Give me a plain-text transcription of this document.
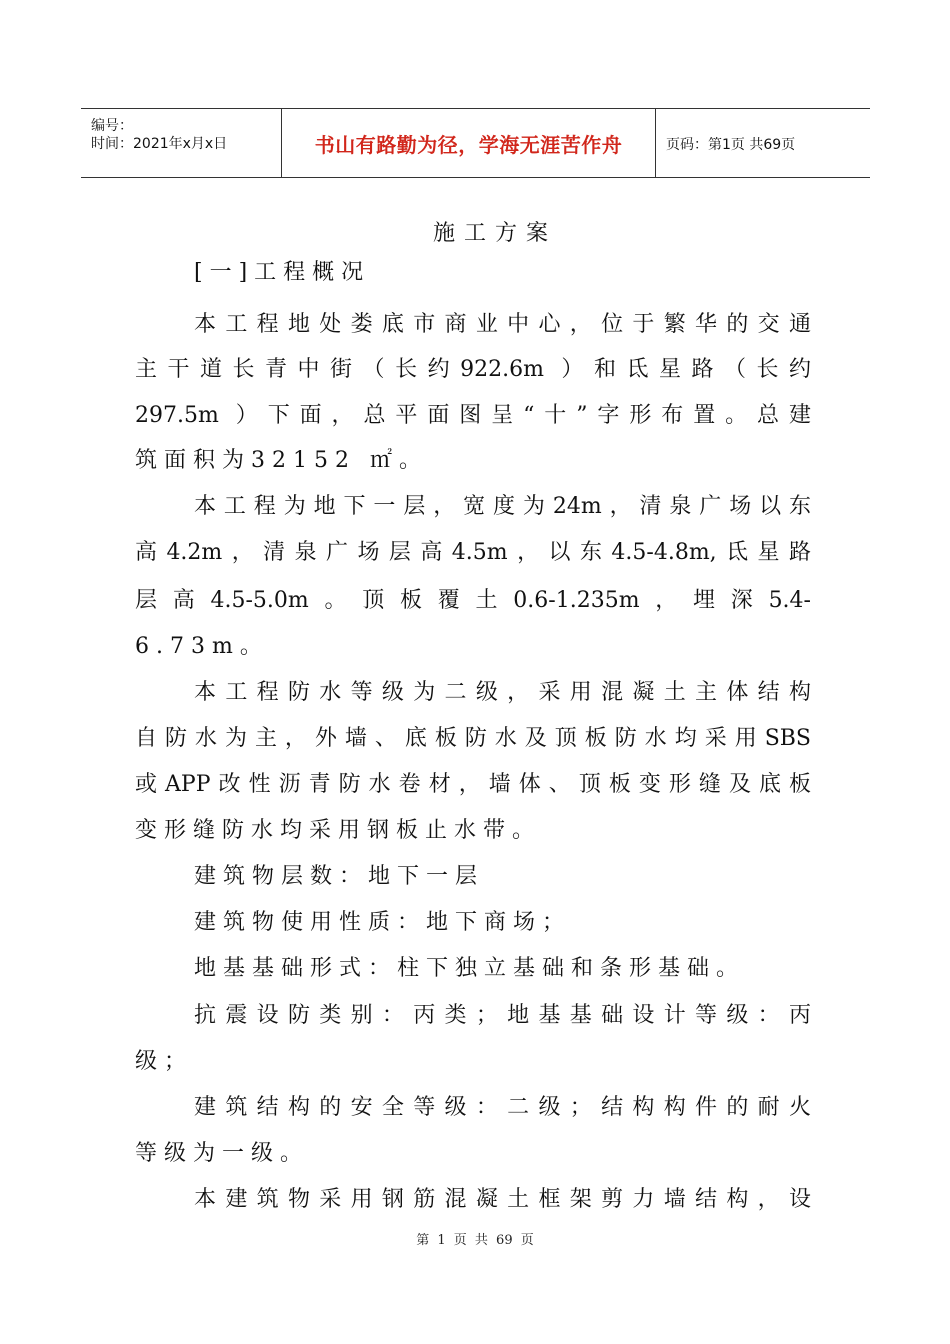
编号：
时间：2021年x月x日	书山有路勤为径，学海无涯苦作舟	页码：第1页 共69页
施工方案
[一]工程概况
本工程地处娄底市商业中心，位于繁华的交通
主干道长青中街（长约922.6m ）和氐星路（长约
297.5m ）下面，总平面图呈“十”字形布置。总建
筑面积为32152 ㎡。
本工程为地下一层，宽度为24m，清泉广场以东
高4.2m，清泉广场层高4.5m，以东4.5-4.8m,氐星路
层高4.5-5.0m。顶板覆土0.6-1.235m，埋深5.4-
6.73m。
本工程防水等级为二级，采用混凝土主体结构
自防水为主，外墙、底板防水及顶板防水均采用SBS
或APP改性沥青防水卷材，墙体、顶板变形缝及底板
变形缝防水均采用钢板止水带。
建筑物层数：地下一层
建筑物使用性质：地下商场；
地基基础形式：柱下独立基础和条形基础。
抗震设防类别：丙类；地基基础设计等级：丙
级；
建筑结构的安全等级：二级；结构构件的耐火
等级为一级。
本建筑物采用钢筋混凝土框架剪力墙结构，设
第 1 页 共 69 页
